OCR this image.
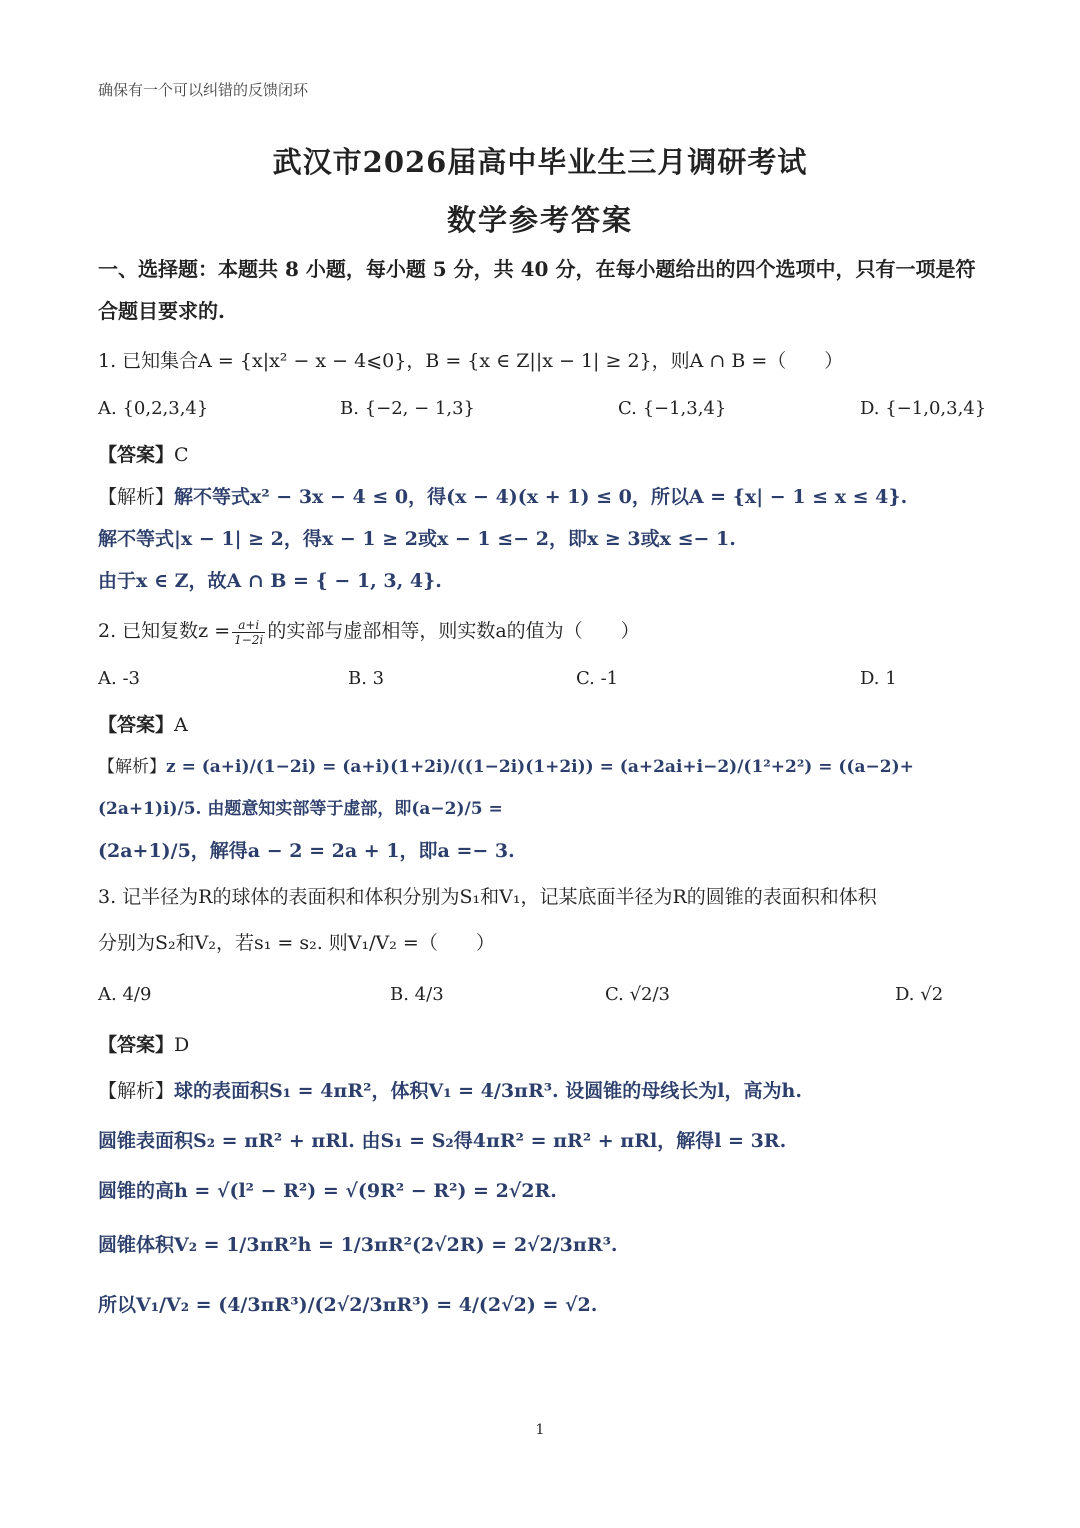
确保有一个可以纠错的反馈闭环
武汉市2026届高中毕业生三月调研考试
数学参考答案

一、选择题：本题共 8 小题，每小题 5 分，共 40 分，在每小题给出的四个选项中，只有一项是符合题目要求的.

1. 已知集合A = {x|x² − x − 4⩽0}，B = {x ∈ Z||x − 1| ≥ 2}，则A ∩ B =（　　）

A. {0,2,3,4}	B. {−2, − 1,3}	C. {−1,3,4}	D. {−1,0,3,4}

【答案】C

【解析】解不等式x² − 3x − 4 ≤ 0，得(x − 4)(x + 1) ≤ 0，所以A = {x| − 1 ≤ x ≤ 4}.

解不等式|x − 1| ≥ 2，得x − 1 ≥ 2或x − 1 ≤− 2，即x ≥ 3或x ≤− 1.

由于x ∈ Z，故A ∩ B = { − 1, 3, 4}.

2. 已知复数$z = \frac{a+i}{1-2i}$ 的实部与虚部相等，则实数a的值为（　　）

A. -3	B. 3	C. -1	D. 1

【答案】A

【解析】z = (a+i)/(1−2i) = (a+i)(1+2i)/((1−2i)(1+2i)) = (a+2ai+i−2)/(1²+2²) = ((a−2)+(2a+1)i)/5. 由题意知实部等于虚部，即(a−2)/5 =

(2a+1)/5，解得a − 2 = 2a + 1，即a =− 3.

3. 记半径为R的球体的表面积和体积分别为S₁和V₁，记某底面半径为R的圆锥的表面积和体积

分别为S₂和V₂，若s₁ = s₂. 则V₁/V₂ =（　　）

A. 4/9	B. 4/3	C. √2/3	D. √2

【答案】D

【解析】球的表面积S₁ = 4πR²，体积V₁ = 4/3πR³. 设圆锥的母线长为l，高为h.

圆锥表面积S₂ = πR² + πRl. 由S₁ = S₂得4πR² = πR² + πRl，解得l = 3R.

圆锥的高h = √(l² − R²) = √(9R² − R²) = 2√2R.

圆锥体积V₂ = 1/3πR²h = 1/3πR²(2√2R) = 2√2/3πR³.

所以V₁/V₂ = (4/3πR³)/(2√2/3πR³) = 4/(2√2) = √2.

1
